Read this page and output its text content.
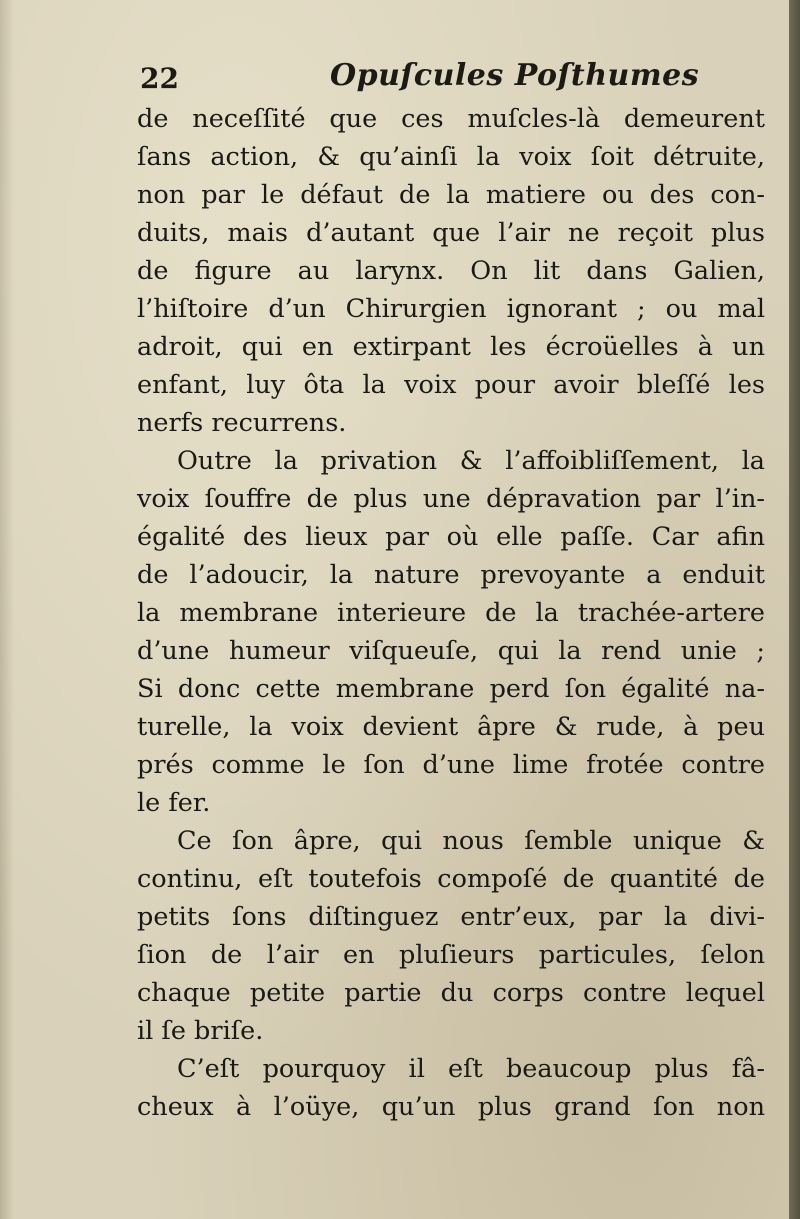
22	Opuſcules Poſthumes
de neceſſité que ces muſcles-là demeurent
ſans action, & qu’ainſi la voix ſoit détruite,
non par le défaut de la matiere ou des con-
duits, mais d’autant que l’air ne reçoit plus
de figure au larynx. On lit dans Galien,
l’hiſtoire d’un Chirurgien ignorant ; ou mal
adroit, qui en extirpant les écroüelles à un
enfant, luy ôta la voix pour avoir bleſſé les
nerfs recurrens.
Outre la privation & l’affoibliſſement, la
voix ſouffre de plus une dépravation par l’in-
égalité des lieux par où elle paſſe. Car afin
de l’adoucir, la nature prevoyante a enduit
la membrane interieure de la trachée-artere
d’une humeur viſqueuſe, qui la rend unie ;
Si donc cette membrane perd ſon égalité na-
turelle, la voix devient âpre & rude, à peu
prés comme le ſon d’une lime frotée contre
le fer.
Ce ſon âpre, qui nous ſemble unique &
continu, eſt toutefois compoſé de quantité de
petits ſons diſtinguez entr’eux, par la divi-
ſion de l’air en pluſieurs particules, ſelon
chaque petite partie du corps contre lequel
il ſe briſe.
C’eſt pourquoy il eſt beaucoup plus fâ-
cheux à l’oüye, qu’un plus grand ſon non
